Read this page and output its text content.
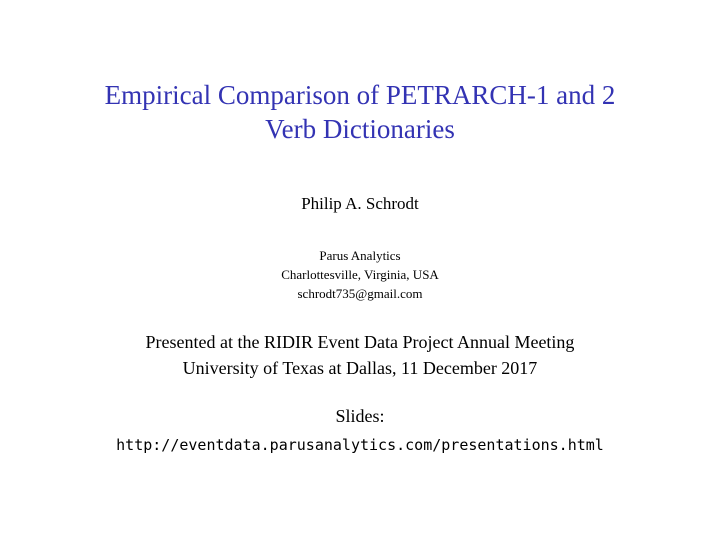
Empirical Comparison of PETRARCH-1 and 2
Verb Dictionaries
Philip A. Schrodt
Parus Analytics
Charlottesville, Virginia, USA
schrodt735@gmail.com
Presented at the RIDIR Event Data Project Annual Meeting
University of Texas at Dallas, 11 December 2017
Slides:
http://eventdata.parusanalytics.com/presentations.html
